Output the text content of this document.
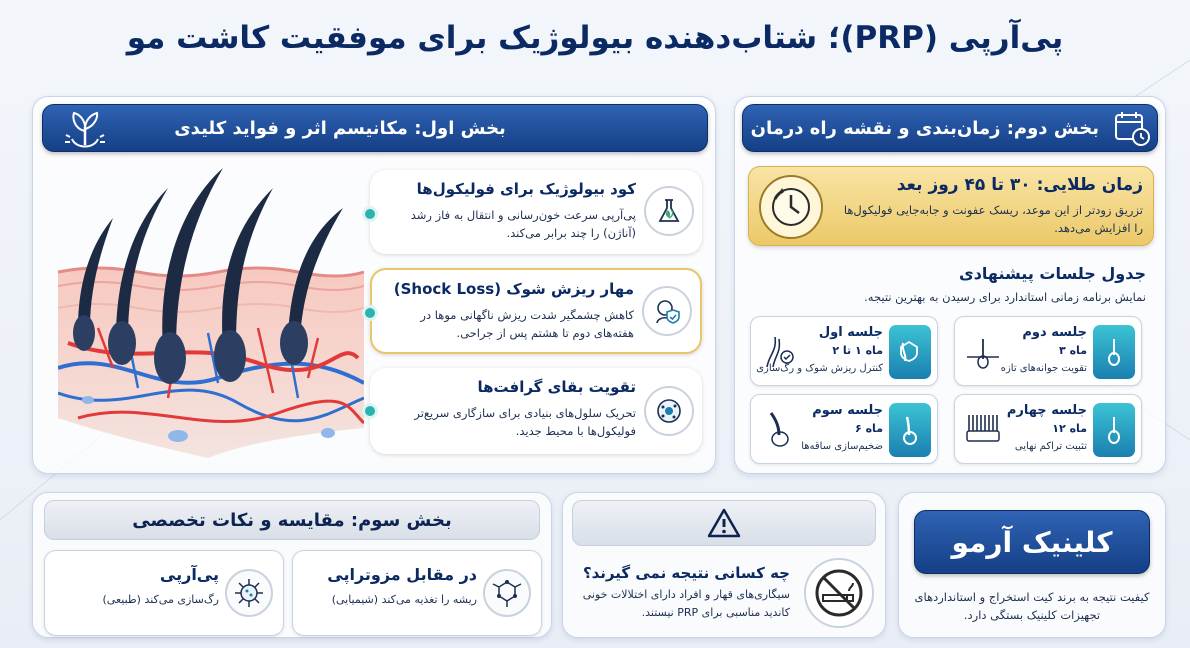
پی‌آرپی (PRP)؛ شتاب‌دهنده بیولوژیک برای موفقیت کاشت مو
بخش اول: مکانیسم اثر و فواید کلیدی
کود بیولوژیک برای فولیکول‌ها
پی‌آرپی سرعت خون‌رسانی و انتقال به فاز رشد (آناژن) را چند برابر می‌کند.
مهار ریزش شوک (Shock Loss)
کاهش چشمگیر شدت ریزش ناگهانی موها در هفته‌های دوم تا هشتم پس از جراحی.
تقویت بقای گرافت‌ها
تحریک سلول‌های بنیادی برای سازگاری سریع‌تر فولیکول‌ها با محیط جدید.
بخش دوم: زمان‌بندی و نقشه راه درمان
زمان طلایی: ۳۰ تا ۴۵ روز بعد
تزریق زودتر از این موعد، ریسک عفونت و جابه‌جایی فولیکول‌ها را افزایش می‌دهد.
جدول جلسات پیشنهادی
نمایش برنامه زمانی استاندارد برای رسیدن به بهترین نتیجه.
جلسه اول
ماه ۱ تا ۲
کنترل ریزش شوک و رگ‌سازی
جلسه دوم
ماه ۳
تقویت جوانه‌های تازه
جلسه سوم
ماه ۶
ضخیم‌سازی ساقه‌ها
جلسه چهارم
ماه ۱۲
تثبیت تراکم نهایی
بخش سوم: مقایسه و نکات تخصصی
در مقابل مزوتراپی
ریشه را تغذیه می‌کند (شیمیایی)
پی‌آرپی
رگ‌سازی می‌کند (طبیعی)
چه کسانی نتیجه نمی گیرند؟
سیگاری‌های قهار و افراد دارای اختلالات خونی کاندید مناسبی برای PRP نیستند.
کلینیک آرمو
کیفیت نتیجه به برند کیت استخراج و استانداردهای تجهیزات کلینیک بستگی دارد.
